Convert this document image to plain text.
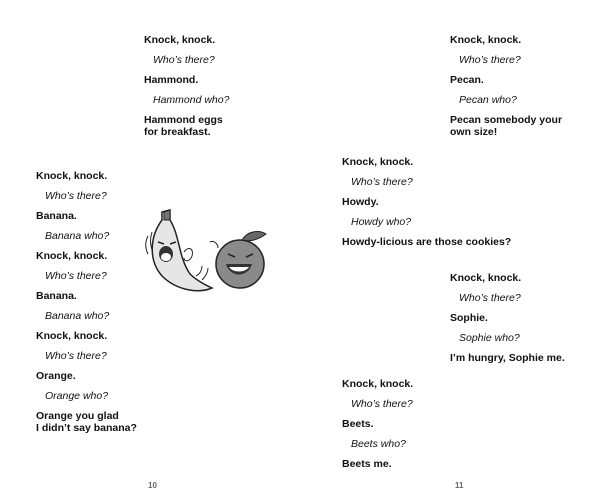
Knock, knock.
Who’s there?
Hammond.
Hammond who?
Hammond eggs
for breakfast.
Knock, knock.
Who’s there?
Banana.
Banana who?
Knock, knock.
Who’s there?
Banana.
Banana who?
Knock, knock.
Who’s there?
Orange.
Orange who?
Orange you glad
I didn’t say banana?
Knock, knock.
Who’s there?
Pecan.
Pecan who?
Pecan somebody your
own size!
Knock, knock.
Who’s there?
Howdy.
Howdy who?
Howdy-licious are those cookies?
Knock, knock.
Who’s there?
Sophie.
Sophie who?
I’m hungry, Sophie me.
Knock, knock.
Who’s there?
Beets.
Beets who?
Beets me.
10	11
